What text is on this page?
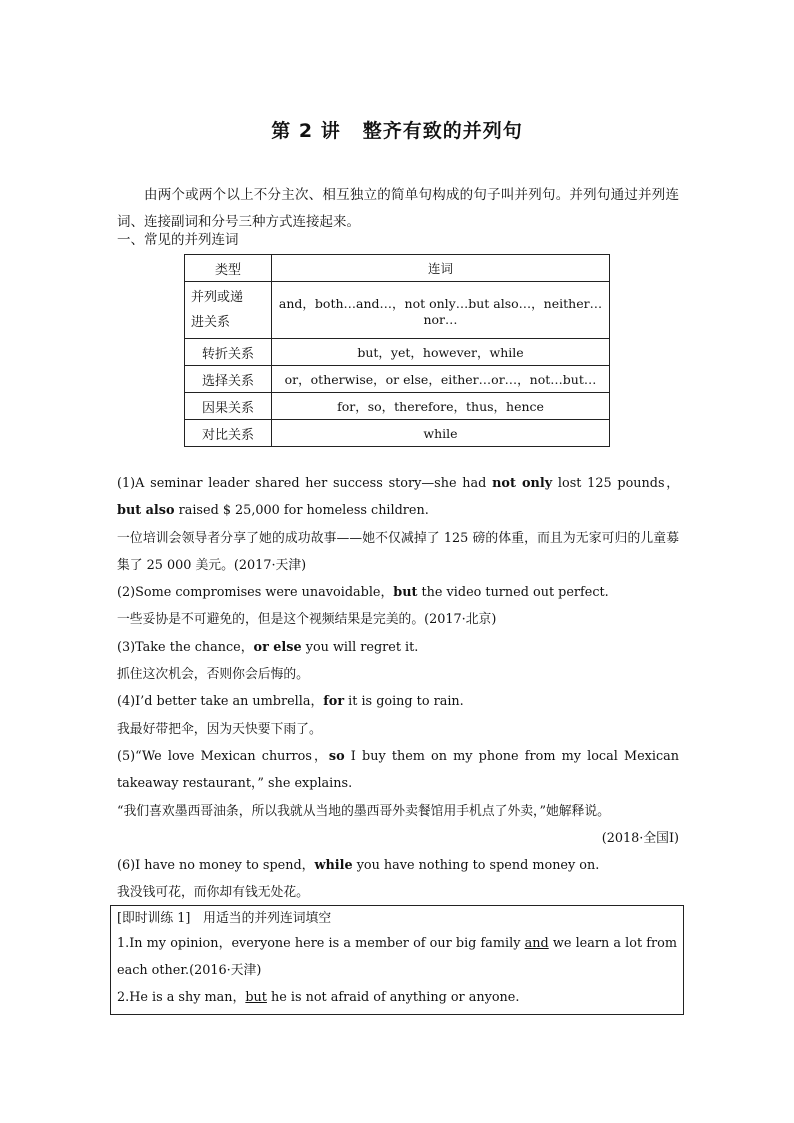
第 2 讲 整齐有致的并列句

由两个或两个以上不分主次、相互独立的简单句构成的句子叫并列句。并列句通过并列连词、连接副词和分号三种方式连接起来。

一、常见的并列连词
类型	连词
并列或递
进关系	and，both…and…，not only…but also…，neither…nor…
转折关系	but，yet，however，while
选择关系	or，otherwise，or else，either…or…，not…but…
因果关系	for，so，therefore，thus，hence
对比关系	while

(1)A seminar leader shared her success story—she had not only lost 125 pounds，but also raised $ 25,000 for homeless children.

一位培训会领导者分享了她的成功故事——她不仅减掉了 125 磅的体重，而且为无家可归的儿童募集了 25 000 美元。(2017·天津)

(2)Some compromises were unavoidable，but the video turned out perfect.

一些妥协是不可避免的，但是这个视频结果是完美的。(2017·北京)

(3)Take the chance，or else you will regret it.

抓住这次机会，否则你会后悔的。

(4)I’d better take an umbrella，for it is going to rain.

我最好带把伞，因为天快要下雨了。

(5)“We love Mexican churros，so I buy them on my phone from my local Mexican takeaway restaurant，” she explains.

“我们喜欢墨西哥油条，所以我就从当地的墨西哥外卖餐馆用手机点了外卖，”她解释说。

(2018·全国Ⅰ)

(6)I have no money to spend，while you have nothing to spend money on.

我没钱可花，而你却有钱无处花。

[即时训练 1]　用适当的并列连词填空

1.In my opinion，everyone here is a member of our big family and we learn a lot from each other.(2016·天津)

2.He is a shy man，but he is not afraid of anything or anyone.
